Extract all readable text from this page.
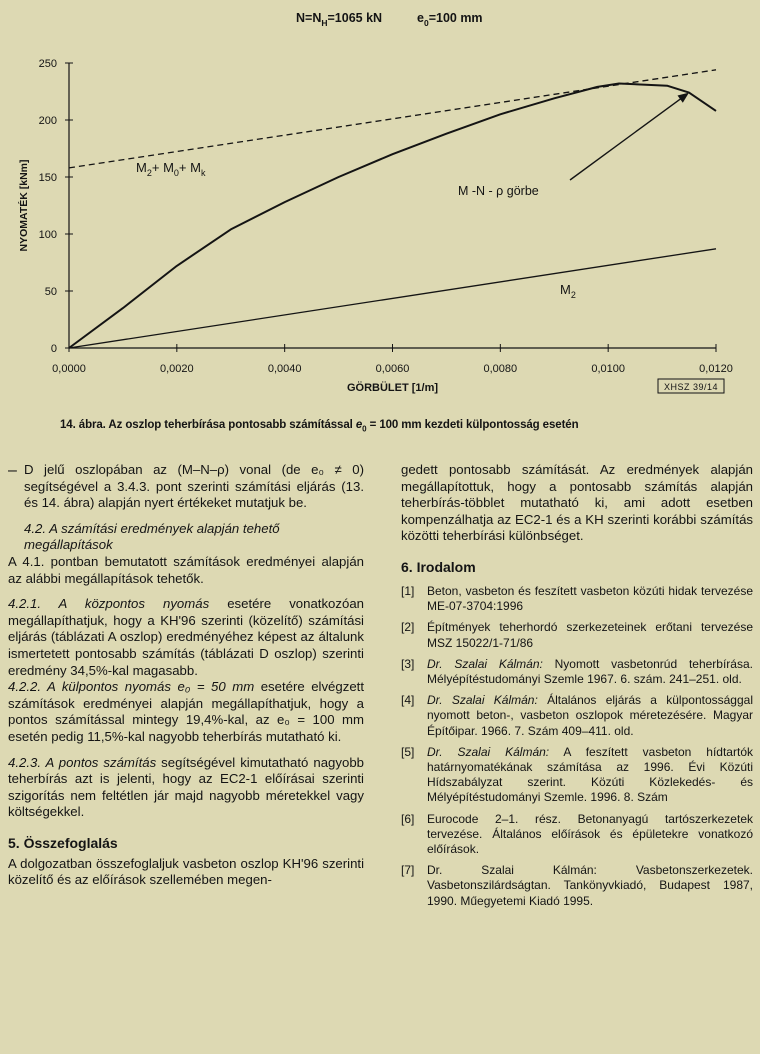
$N=N_H=1065$ kN	$e_0=100$ mm
0
50
100
150
200
250
0,0000	0,0020	0,0040	0,0060	0,0080	0,0100	0,0120
GÖRBÜLET [1/m]
NYOMATÉK [kNm]	$M_2+ M_0+ M_k$
M -N - ρ görbe
$M_2$
XHSZ 39/14
14. ábra. Az oszlop teherbírása pontosabb számítással $e_0 = 100$ mm kezdeti külpontosság esetén
– D jelű oszlopában az (M–N–ρ) vonal (de e₀ ≠ 0) segítségével a 3.4.3. pont szerinti számítási eljárás (13. és 14. ábra) alapján nyert értékeket mutatjuk be.

4.2. A számítási eredmények alapján tehető megállapítások

A 4.1. pontban bemutatott számítások eredményei alapján az alábbi megállapítások tehetők.

4.2.1. A központos nyomás esetére vonatkozóan megállapíthatjuk, hogy a KH'96 szerinti (közelítő) számítási eljárás (táblázati A oszlop) eredményéhez képest az általunk ismertetett pontosabb számítás (táblázati D oszlop) szerinti eredmény 34,5%-kal magasabb.

4.2.2. A külpontos nyomás e₀ = 50 mm esetére elvégzett számítások eredményei alapján megállapíthatjuk, hogy a pontos számítással mintegy 19,4%-kal, az e₀ = 100 mm esetén pedig 11,5%-kal nagyobb teherbírás mutatható ki.

4.2.3. A pontos számítás segítségével kimutatható nagyobb teherbírás azt is jelenti, hogy az EC2-1 előírásai szerinti szigorítás nem feltétlen jár majd nagyobb méretekkel vagy költségekkel.

5. Összefoglalás

A dolgozatban összefoglaljuk vasbeton oszlop KH'96 szerinti közelítő és az előírások szellemében megen-

gedett pontosabb számítását. Az eredmények alapján megállapítottuk, hogy a pontosabb számítás alapján teherbírás-többlet mutatható ki, ami adott esetben kompenzálhatja az EC2-1 és a KH szerinti korábbi számítás közötti teherbírási különbséget.

6. Irodalom
[1]	Beton, vasbeton és feszített vasbeton közúti hidak tervezése ME-07-3704:1996
[2]	Építmények teherhordó szerkezeteinek erőtani tervezése MSZ 15022/1-71/86
[3]	Dr. Szalai Kálmán: Nyomott vasbetonrúd teherbírása. Mélyépítéstudományi Szemle 1967. 6. szám. 241–251. old.
[4]	Dr. Szalai Kálmán: Általános eljárás a külpontossággal nyomott beton-, vasbeton oszlopok méretezésére. Magyar Építőipar. 1966. 7. Szám 409–411. old.
[5]	Dr. Szalai Kálmán: A feszített vasbeton hídtartók határnyomatékának számítása az 1996. Évi Közúti Hídszabályzat szerint. Közúti Közlekedés- és Mélyépítéstudományi Szemle. 1996. 8. Szám
[6]	Eurocode 2–1. rész. Betonanyagú tartószerkezetek tervezése. Általános előírások és épületekre vonatkozó előírások.
[7]	Dr. Szalai Kálmán: Vasbetonszerkezetek. Vasbetonszilárdságtan. Tankönyvkiadó, Budapest 1987, 1990. Műegyetemi Kiadó 1995.
